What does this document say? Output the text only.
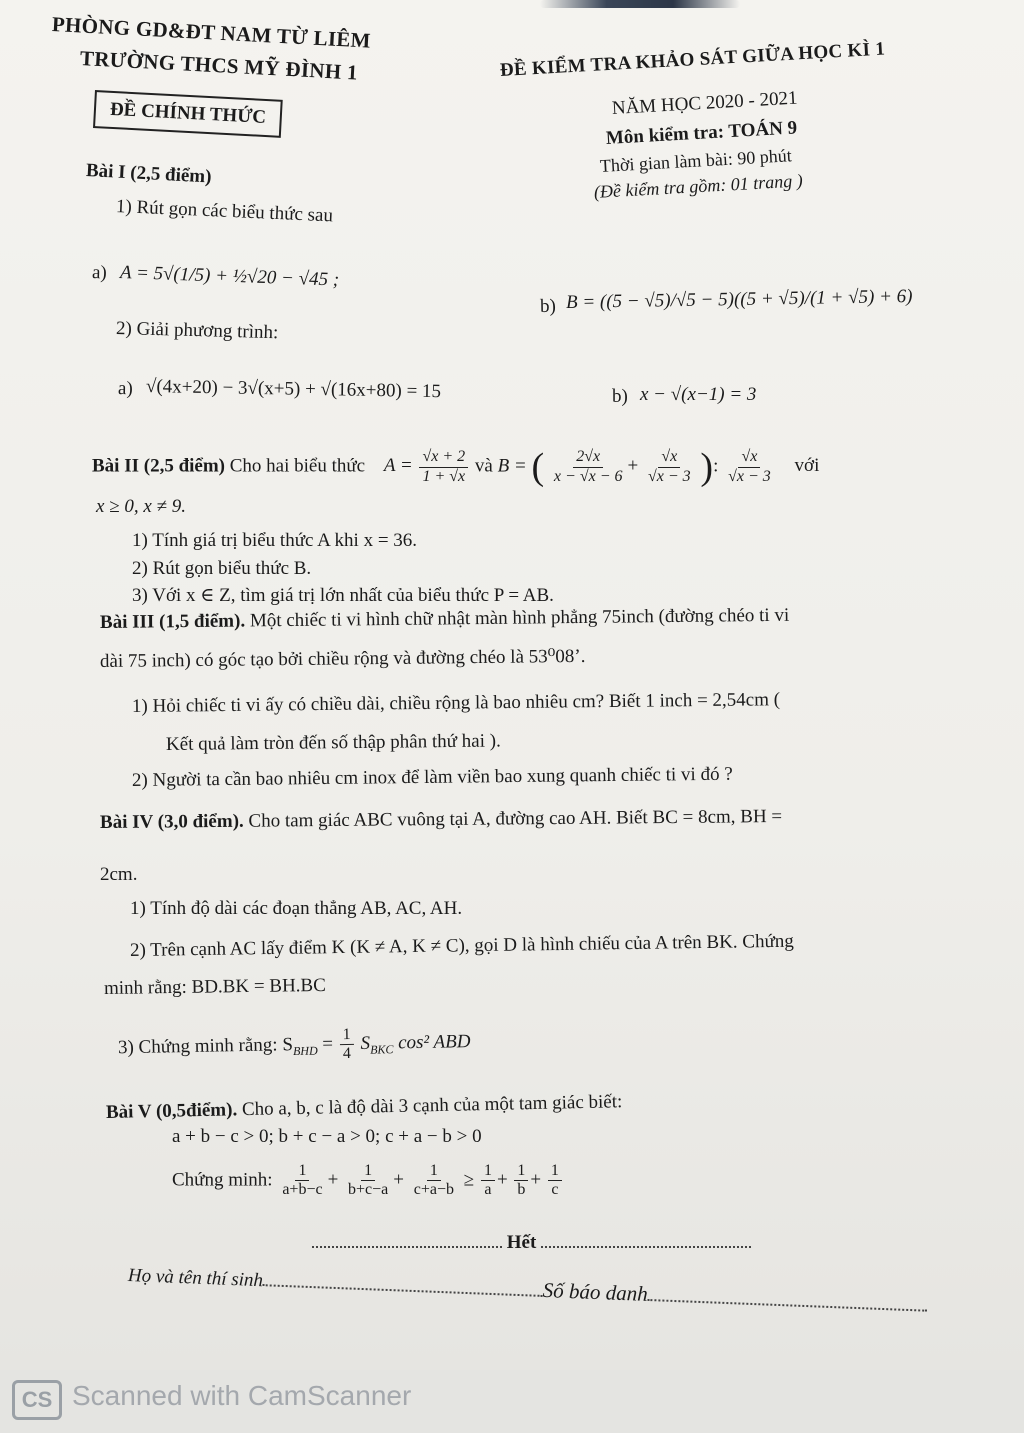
PHÒNG GD&ĐT NAM TỪ LIÊM
TRƯỜNG THCS MỸ ĐÌNH 1
ĐỀ CHÍNH THỨC
ĐỀ KIỂM TRA KHẢO SÁT GIỮA HỌC KÌ 1
NĂM HỌC 2020 - 2021
Môn kiểm tra: TOÁN 9
Thời gian làm bài: 90 phút
(Đề kiểm tra gồm: 01 trang )
Bài I (2,5 điểm)
1) Rút gọn các biểu thức sau
a) A = 5√(1/5) + ½√20 − √45 ;
b) B = ((5 − √5)/√5 − 5)((5 + √5)/(1 + √5) + 6)
2) Giải phương trình:
a) √(4x+20) − 3√(x+5) + √(16x+80) = 15	b) x − √(x−1) = 3
Bài II (2,5 điểm) Cho hai biểu thức $A = \frac{√x + 2}{1 + √x}$ và B = ( $\frac{2√x}{x - √x - 6} + \frac{√x}{√x - 3}$ ): $\frac{√x}{√x - 3}$ với
x ≥ 0, x ≠ 9.
1) Tính giá trị biểu thức A khi x = 36.
2) Rút gọn biểu thức B.
3) Với x ∈ Z, tìm giá trị lớn nhất của biểu thức P = AB.
Bài III (1,5 điểm). Một chiếc ti vi hình chữ nhật màn hình phẳng 75inch (đường chéo ti vi
dài 75 inch) có góc tạo bởi chiều rộng và đường chéo là 53⁰08’.
1) Hỏi chiếc ti vi ấy có chiều dài, chiều rộng là bao nhiêu cm? Biết 1 inch = 2,54cm (
Kết quả làm tròn đến số thập phân thứ hai ).
2) Người ta cần bao nhiêu cm inox để làm viền bao xung quanh chiếc ti vi đó ?
Bài IV (3,0 điểm). Cho tam giác ABC vuông tại A, đường cao AH. Biết BC = 8cm, BH =
2cm.
1) Tính độ dài các đoạn thẳng AB, AC, AH.
2) Trên cạnh AC lấy điểm K (K ≠ A, K ≠ C), gọi D là hình chiếu của A trên BK. Chứng
minh rằng: BD.BK = BH.BC
3) Chứng minh rằng: $S_{BHD} = \frac{1}{4} S_{BKC}$ cos² ABD
Bài V (0,5điểm). Cho a, b, c là độ dài 3 cạnh của một tam giác biết:
a + b − c > 0; b + c − a > 0; c + a − b > 0
Chứng minh: $\frac{1}{a+b-c} + \frac{1}{b+c-a} + \frac{1}{c+a-b} \ge \frac{1}{a} + \frac{1}{b} + \frac{1}{c}$
Hết
Họ và tên thí sinh	Số báo danh
CS Scanned with CamScanner
